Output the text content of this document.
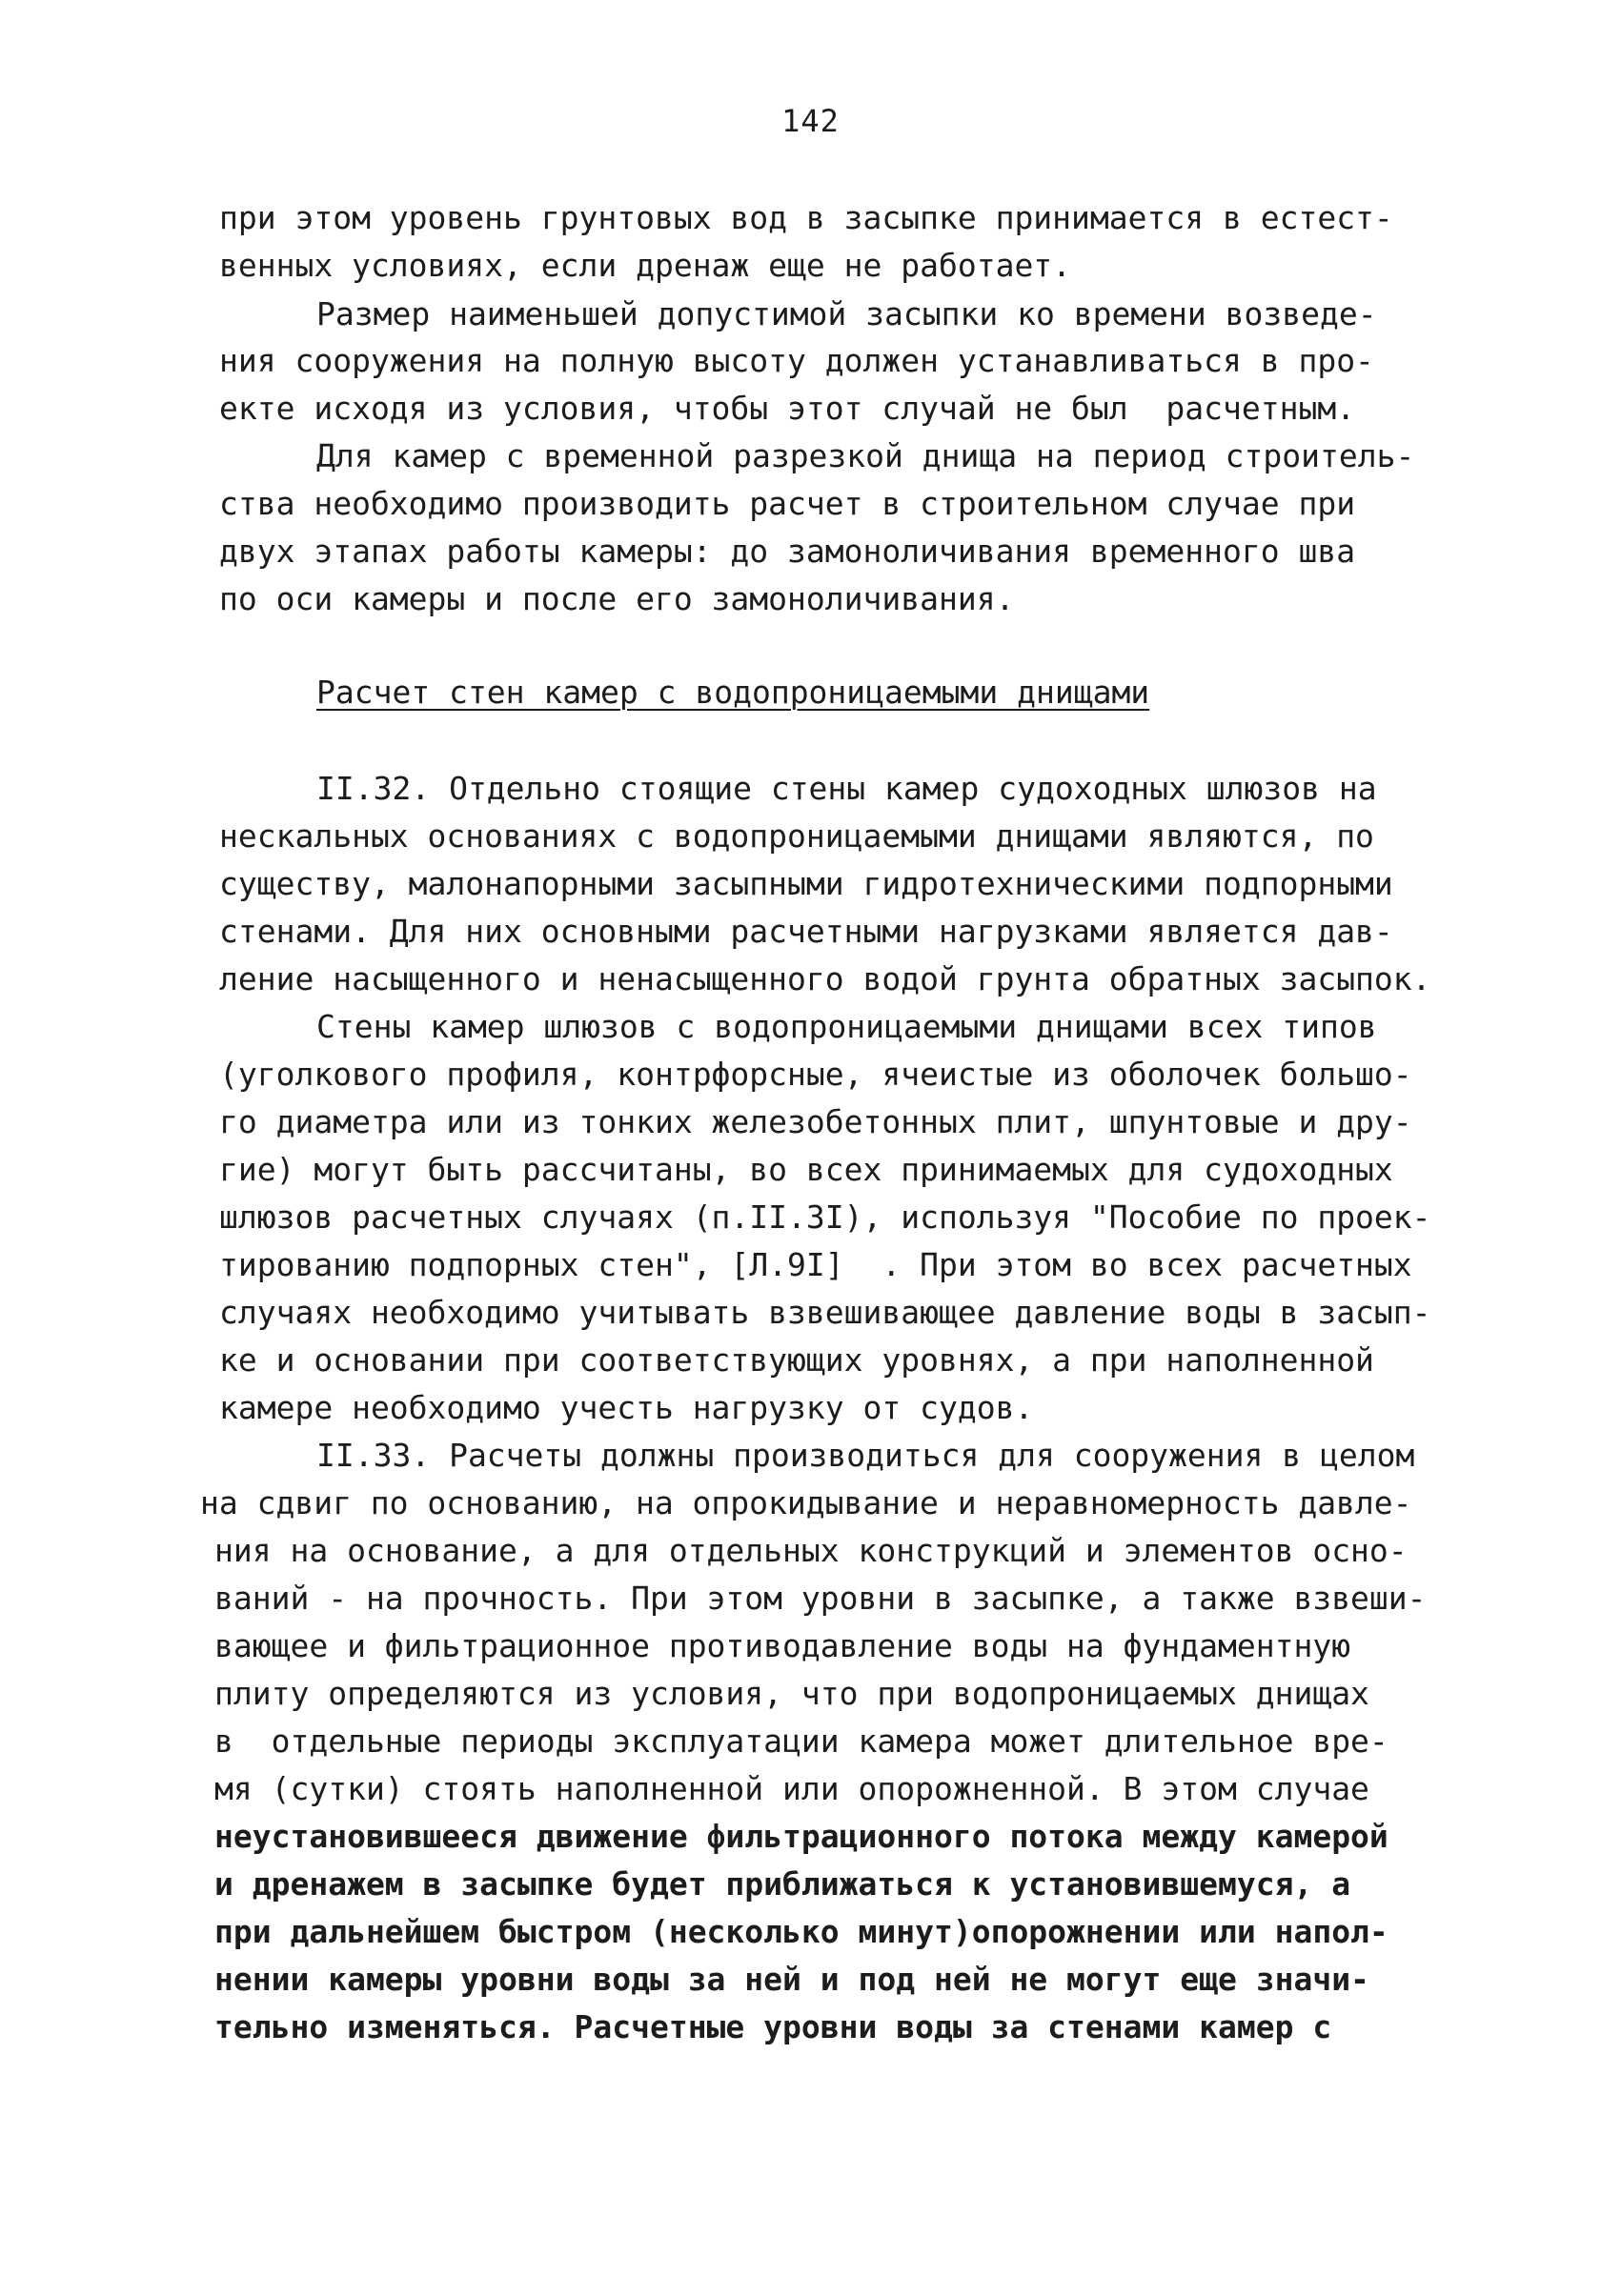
142
при этом уровень грунтовых вод в засыпке принимается в естест-
венных условиях, если дренаж еще не работает.
Размер наименьшей допустимой засыпки ко времени возведе-
ния сооружения на полную высоту должен устанавливаться в про-
екте исходя из условия, чтобы этот случай не был  расчетным.
Для камер с временной разрезкой днища на период строитель-
ства необходимо производить расчет в строительном случае при
двух этапах работы камеры: до замоноличивания временного шва
по оси камеры и после его замоноличивания.
Расчет стен камер с водопроницаемыми днищами
II.32. Отдельно стоящие стены камер судоходных шлюзов на
нескальных основаниях с водопроницаемыми днищами являются, по
существу, малонапорными засыпными гидротехническими подпорными
стенами. Для них основными расчетными нагрузками является дав-
ление насыщенного и ненасыщенного водой грунта обратных засыпок.
Стены камер шлюзов с водопроницаемыми днищами всех типов
(уголкового профиля, контрфорсные, ячеистые из оболочек большо-
го диаметра или из тонких железобетонных плит, шпунтовые и дру-
гие) могут быть рассчитаны, во всех принимаемых для судоходных
шлюзов расчетных случаях (п.II.3I), используя "Пособие по проек-
тированию подпорных стен", [Л.9I]  . При этом во всех расчетных
случаях необходимо учитывать взвешивающее давление воды в засып-
ке и основании при соответствующих уровнях, а при наполненной
камере необходимо учесть нагрузку от судов.
II.33. Расчеты должны производиться для сооружения в целом
на сдвиг по основанию, на опрокидывание и неравномерность давле-
ния на основание, а для отдельных конструкций и элементов осно-
ваний - на прочность. При этом уровни в засыпке, а также взвеши-
вающее и фильтрационное противодавление воды на фундаментную
плиту определяются из условия, что при водопроницаемых днищах
в  отдельные периоды эксплуатации камера может длительное вре-
мя (сутки) стоять наполненной или опорожненной. В этом случае
неустановившееся движение фильтрационного потока между камерой
и дренажем в засыпке будет приближаться к установившемуся, а
при дальнейшем быстром (несколько минут)опорожнении или напол-
нении камеры уровни воды за ней и под ней не могут еще значи-
тельно изменяться. Расчетные уровни воды за стенами камер с
